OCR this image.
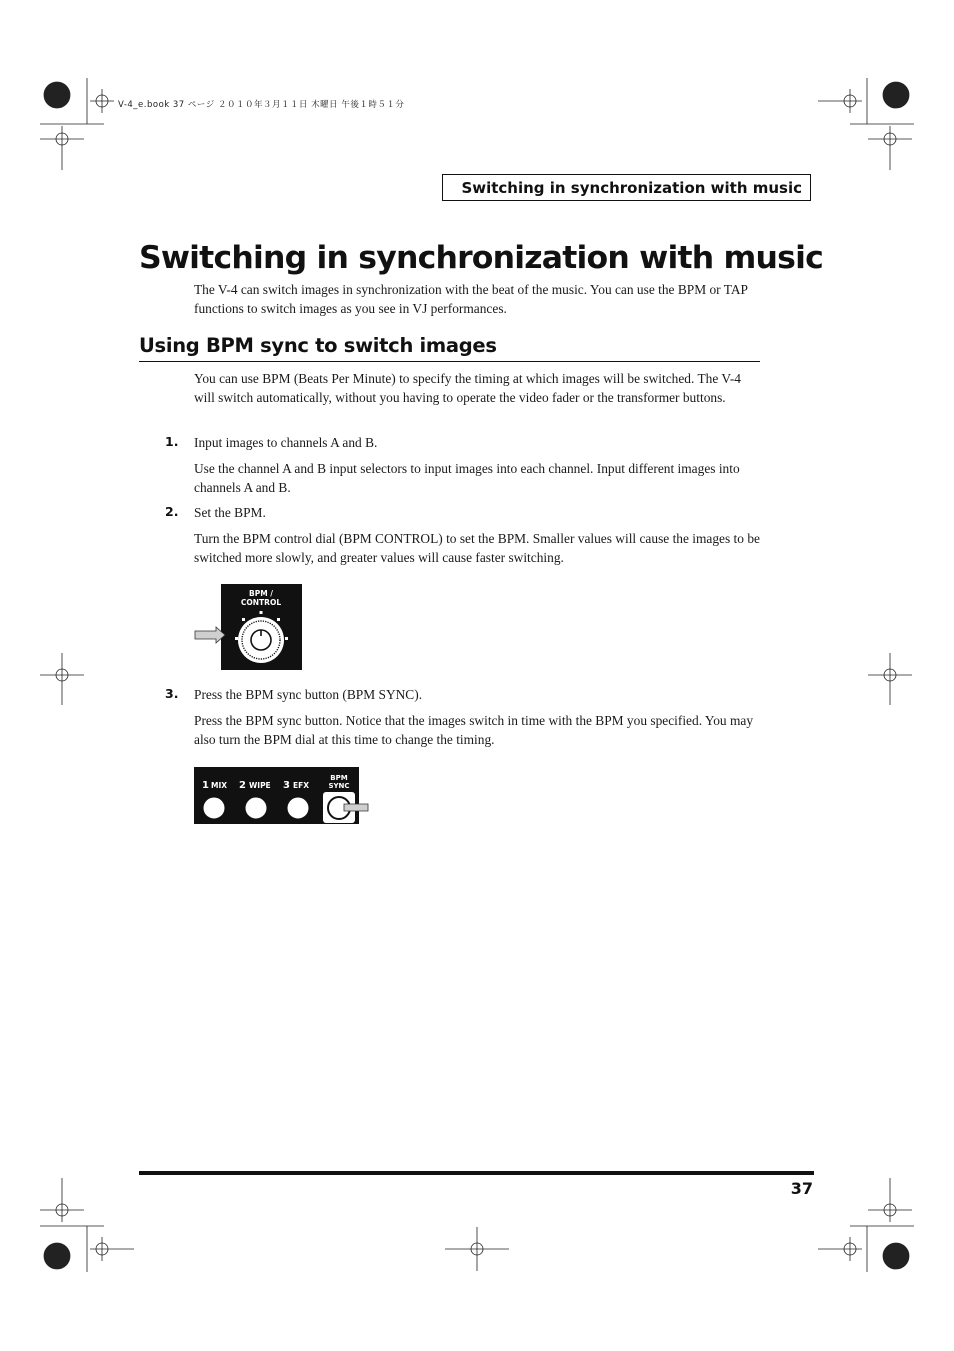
V-4_e.book 37 ページ ２０１０年３月１１日 木曜日 午後１時５１分
Switching in synchronization with music
Switching in synchronization with music

The V-4 can switch images in synchronization with the beat of the music. You can use the BPM or TAP functions to switch images as you see in VJ performances.

Using BPM sync to switch images

You can use BPM (Beats Per Minute) to specify the timing at which images will be switched. The V-4 will switch automatically, without you having to operate the video fader or the transformer buttons.

1. Input images to channels A and B.

Use the channel A and B input selectors to input images into each channel. Input different images into channels A and B.

2. Set the BPM.

Turn the BPM control dial (BPM CONTROL) to set the BPM. Smaller values will cause the images to be switched more slowly, and greater values will cause faster switching.

BPM /
CONTROL
3. Press the BPM sync button (BPM SYNC).

Press the BPM sync button. Notice that the images switch in time with the BPM you specified. You may also turn the BPM dial at this time to change the timing.

1 MIX 2 WIPE 3 EFX
BPM
SYNC
37
